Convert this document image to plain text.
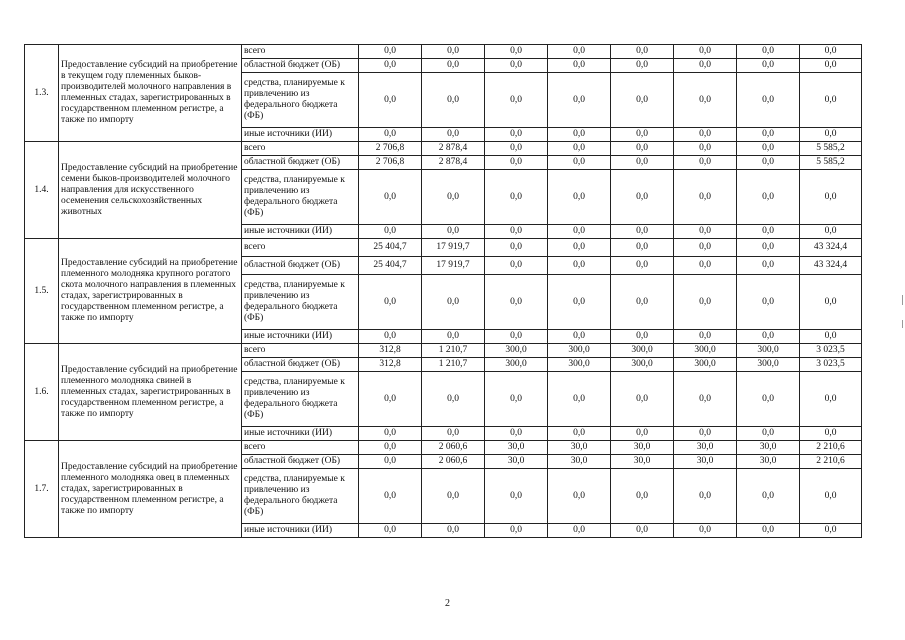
1.3.	Предоставление субсидий на приобретение в текущем году племенных быков-производителей молочного направления в племенных стадах, зарегистрированных в государственном племенном регистре, а также по импорту	всего	0,0	0,0	0,0	0,0	0,0	0,0	0,0	0,0
		областной бюджет (ОБ)	0,0	0,0	0,0	0,0	0,0	0,0	0,0	0,0
		средства, планируемые к привлечению из федерального бюджета (ФБ)	0,0	0,0	0,0	0,0	0,0	0,0	0,0	0,0
		иные источники (ИИ)	0,0	0,0	0,0	0,0	0,0	0,0	0,0	0,0
1.4.	Предоставление субсидий на приобретение семени быков-производителей молочного направления для искусственного осеменения сельскохозяйственных животных	всего	2 706,8	2 878,4	0,0	0,0	0,0	0,0	0,0	5 585,2
		областной бюджет (ОБ)	2 706,8	2 878,4	0,0	0,0	0,0	0,0	0,0	5 585,2
		средства, планируемые к привлечению из федерального бюджета (ФБ)	0,0	0,0	0,0	0,0	0,0	0,0	0,0	0,0
		иные источники (ИИ)	0,0	0,0	0,0	0,0	0,0	0,0	0,0	0,0
1.5.	Предоставление субсидий на приобретение племенного молодняка крупного рогатого скота молочного направления в племенных стадах, зарегистрированных в государственном племенном регистре, а также по импорту	всего	25 404,7	17 919,7	0,0	0,0	0,0	0,0	0,0	43 324,4
		областной бюджет (ОБ)	25 404,7	17 919,7	0,0	0,0	0,0	0,0	0,0	43 324,4
		средства, планируемые к привлечению из федерального бюджета (ФБ)	0,0	0,0	0,0	0,0	0,0	0,0	0,0	0,0
		иные источники (ИИ)	0,0	0,0	0,0	0,0	0,0	0,0	0,0	0,0
1.6.	Предоставление субсидий на приобретение племенного молодняка свиней в племенных стадах, зарегистрированных в государственном племенном регистре, а также по импорту	всего	312,8	1 210,7	300,0	300,0	300,0	300,0	300,0	3 023,5
		областной бюджет (ОБ)	312,8	1 210,7	300,0	300,0	300,0	300,0	300,0	3 023,5
		средства, планируемые к привлечению из федерального бюджета (ФБ)	0,0	0,0	0,0	0,0	0,0	0,0	0,0	0,0
		иные источники (ИИ)	0,0	0,0	0,0	0,0	0,0	0,0	0,0	0,0
1.7.	Предоставление субсидий на приобретение племенного молодняка овец в племенных стадах, зарегистрированных в государственном племенном регистре, а также по импорту	всего	0,0	2 060,6	30,0	30,0	30,0	30,0	30,0	2 210,6
		областной бюджет (ОБ)	0,0	2 060,6	30,0	30,0	30,0	30,0	30,0	2 210,6
		средства, планируемые к привлечению из федерального бюджета (ФБ)	0,0	0,0	0,0	0,0	0,0	0,0	0,0	0,0
		иные источники (ИИ)	0,0	0,0	0,0	0,0	0,0	0,0	0,0	0,0
2
